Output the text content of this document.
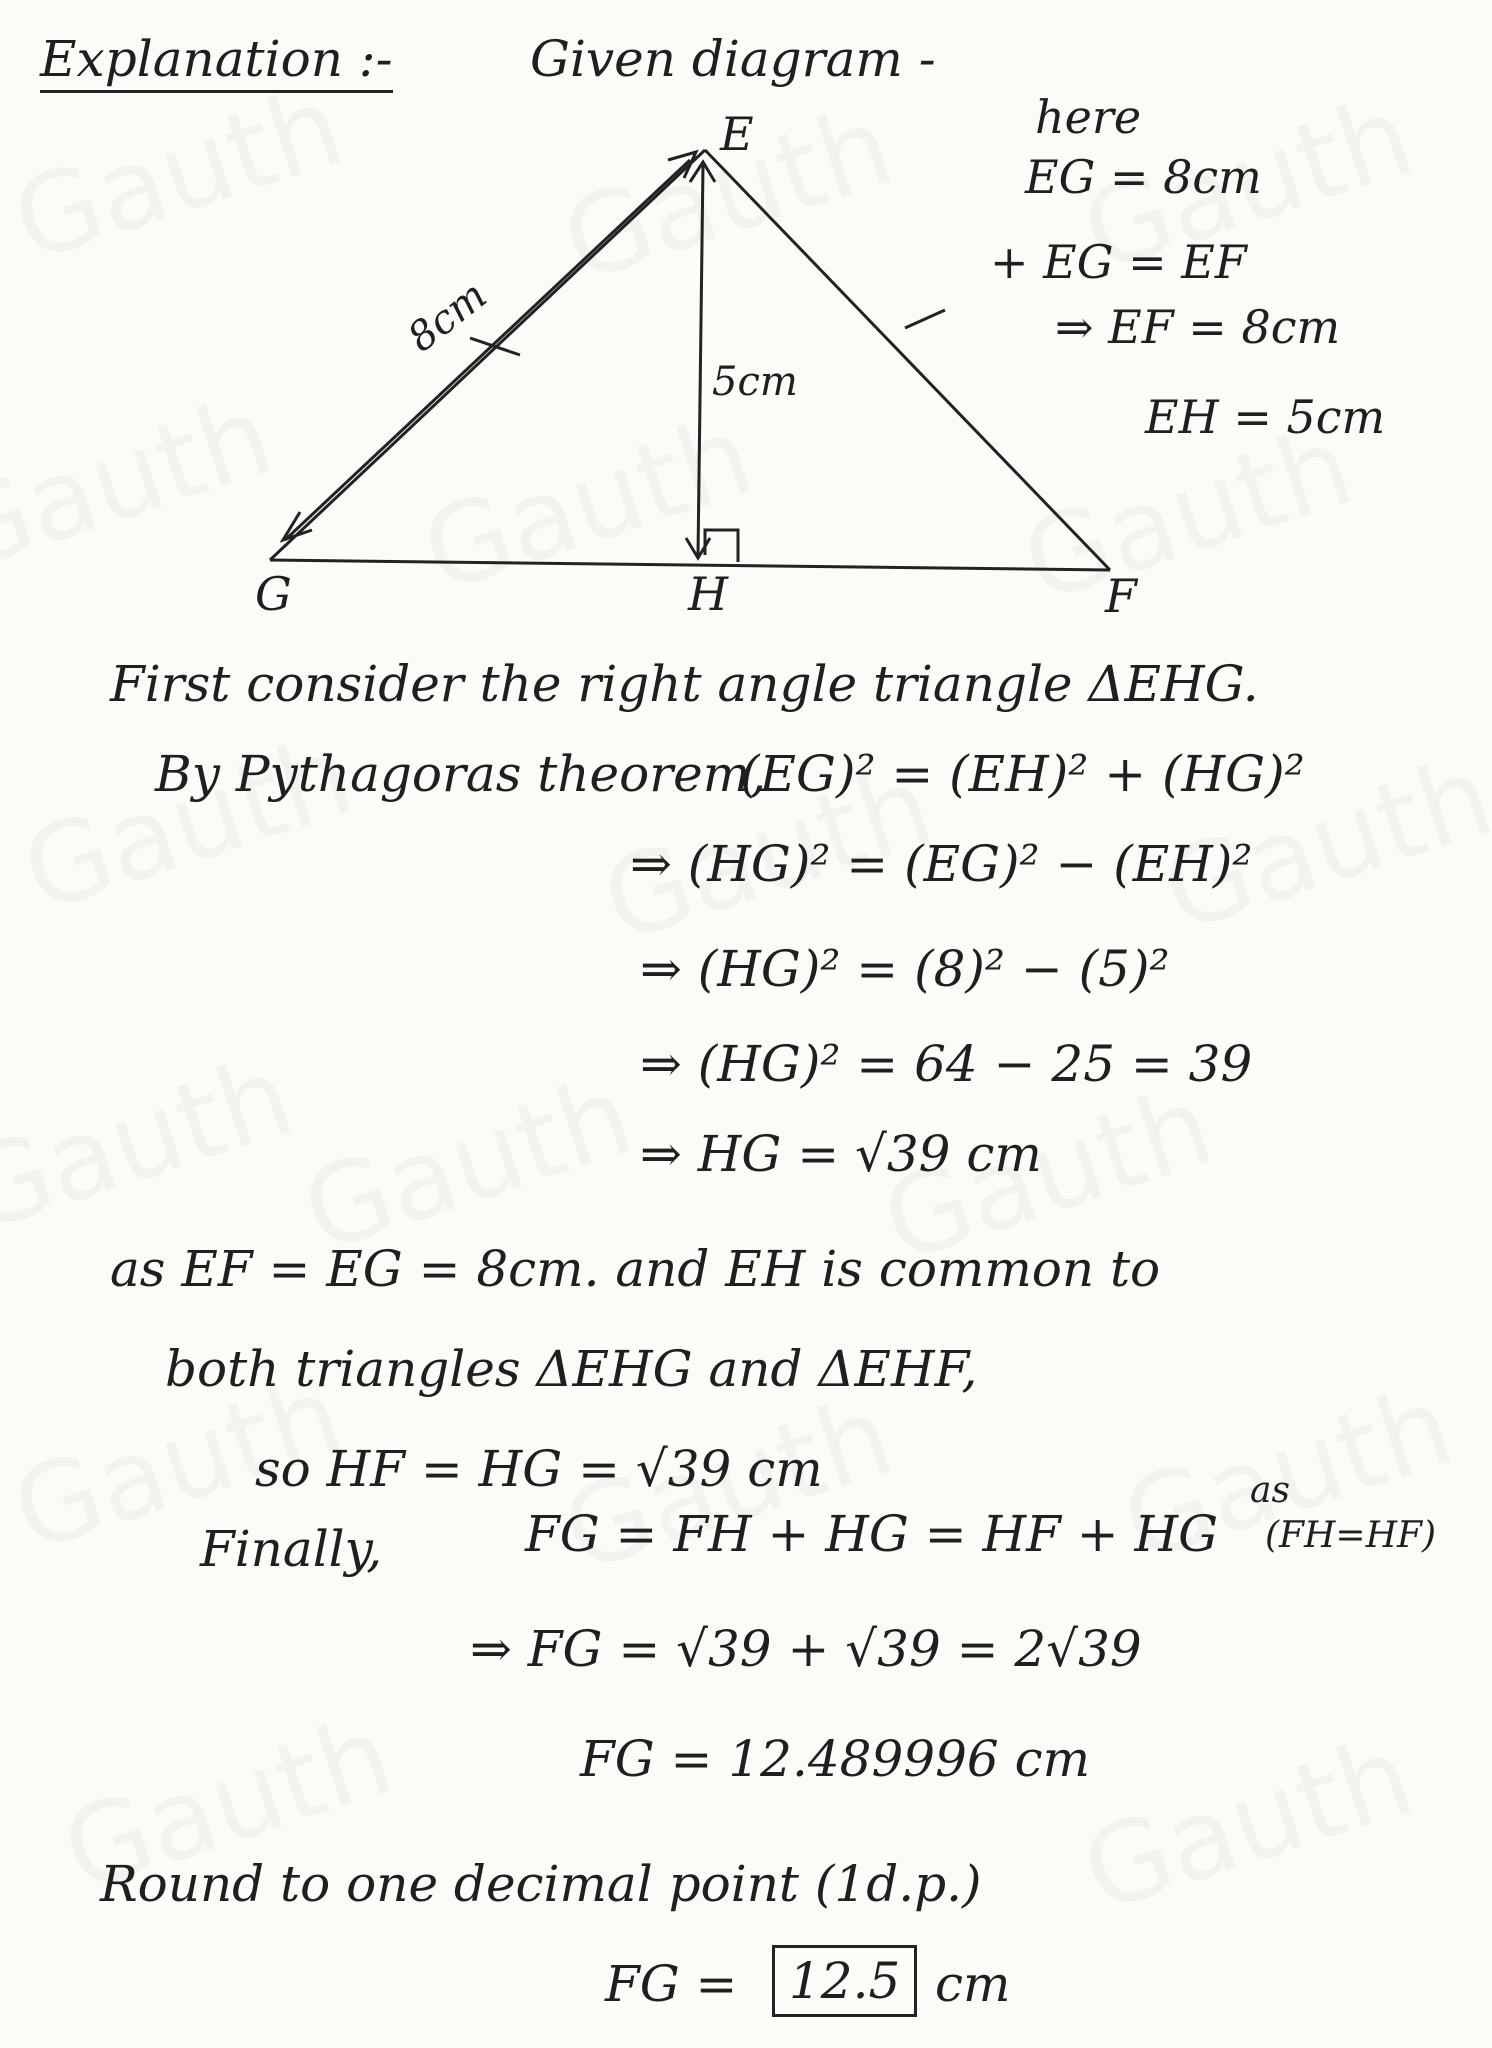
Explanation :-	Given diagram -
E
G	H	F
8cm
5cm
here
EG = 8cm
+ EG = EF
⇒ EF = 8cm
EH = 5cm
First consider the right angle triangle ΔEHG.
By Pythagoras theorem,
(EG)² = (EH)² + (HG)²
⇒ (HG)² = (EG)² − (EH)²
⇒ (HG)² = (8)² − (5)²
⇒ (HG)² = 64 − 25 = 39
⇒ HG = √39 cm
as EF = EG = 8cm. and EH is common to
both triangles ΔEHG and ΔEHF,
so HF = HG = √39 cm
Finally,	FG = FH + HG = HF + HG
as
(FH=HF)
⇒ FG = √39 + √39 = 2√39
FG = 12.489996 cm
Round to one decimal point (1d.p.)
FG =	12.5 cm
